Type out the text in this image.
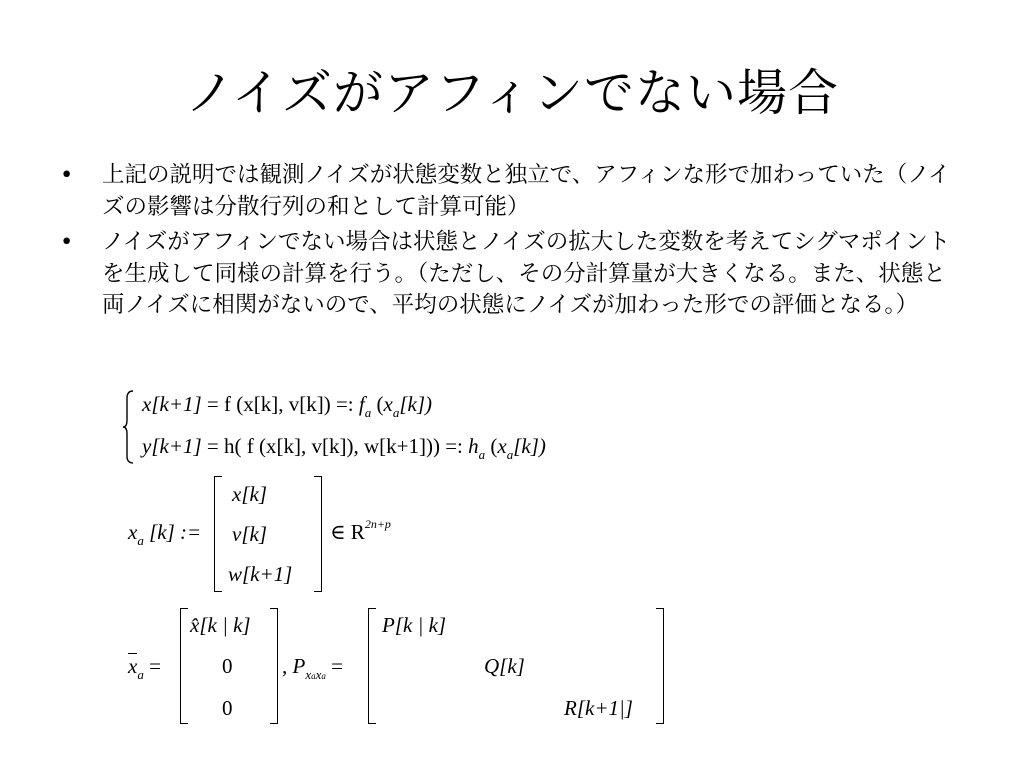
ノイズがアフィンでない場合
• 上記の説明では観測ノイズが状態変数と独立で、アフィンな形で加わっていた（ノイズの影響は分散行列の和として計算可能）
• ノイズがアフィンでない場合は状態とノイズの拡大した変数を考えてシグマポイントを生成して同様の計算を行う。（ただし、その分計算量が大きくなる。また、状態と両ノイズに相関がないので、平均の状態にノイズが加わった形での評価となる。）
x[k+1] = f (x[k], v[k]) =: $f_a$ $(x_a[k])$
y[k+1] = h( f (x[k], v[k]), w[k+1])) =: $h_a$ $(x_a[k])$
$x_a$ [k] :=
x[k]
v[k]
w[k+1]
∈ $R^{2n+p}$
$x_a$ =
x̂[k | k]
0
0
, $P_{xaxa}$ =
P[k | k]
Q[k]
R[k+1|]
